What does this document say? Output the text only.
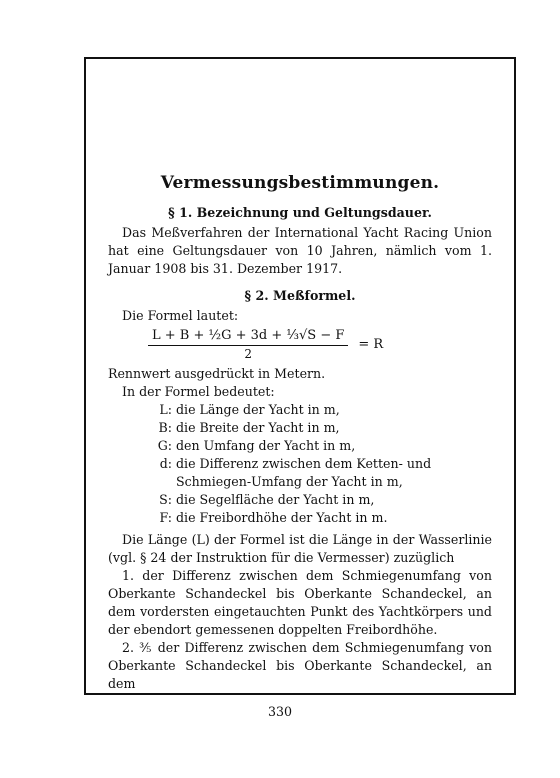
Vermessungsbestimmungen.
§ 1. Bezeichnung und Geltungsdauer.

Das Meßverfahren der International Yacht Racing Union hat eine Geltungsdauer von 10 Jahren, nämlich vom 1. Januar 1908 bis 31. Dezember 1917.

§ 2. Meßformel.

Die Formel lautet:

$\frac{\text{L + B + ½G + 3d + ⅓√S − F}}{2} = R$

Rennwert ausgedrückt in Metern.

In der Formel bedeutet:

L: die Länge der Yacht in m,
B: die Breite der Yacht in m,
G: den Umfang der Yacht in m,
d: die Differenz zwischen dem Ketten- und Schmiegen-Umfang der Yacht in m,
S: die Segelfläche der Yacht in m,
F: die Freibordhöhe der Yacht in m.

Die Länge (L) der Formel ist die Länge in der Wasserlinie (vgl. § 24 der Instruktion für die Vermesser) zuzüglich

1. der Differenz zwischen dem Schmiegenumfang von Oberkante Schandeckel bis Oberkante Schandeckel, an dem vordersten eingetauchten Punkt des Yachtkörpers und der ebendort gemessenen doppelten Freibordhöhe.

2. ⅗ der Differenz zwischen dem Schmiegenumfang von Oberkante Schandeckel bis Oberkante Schandeckel, an dem

330
